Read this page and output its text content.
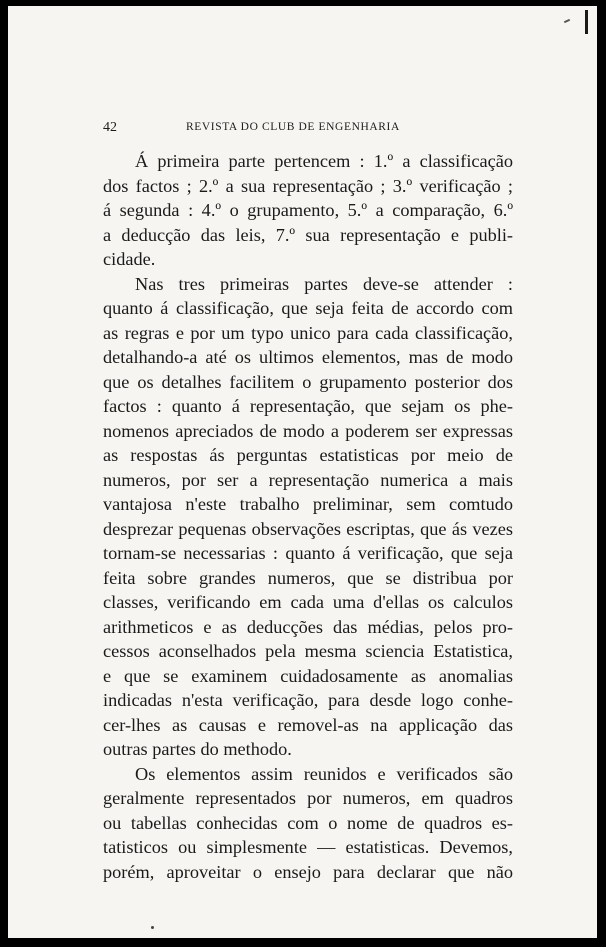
42	REVISTA DO CLUB DE ENGENHARIA
Á primeira parte pertencem : 1.º a classificação
dos factos ; 2.º a sua representação ; 3.º verificação ;
á segunda : 4.º o grupamento, 5.º a comparação, 6.º
a deducção das leis, 7.º sua representação e publi-
cidade.
Nas tres primeiras partes deve-se attender :
quanto á classificação, que seja feita de accordo com
as regras e por um typo unico para cada classificação,
detalhando-a até os ultimos elementos, mas de modo
que os detalhes facilitem o grupamento posterior dos
factos : quanto á representação, que sejam os phe-
nomenos apreciados de modo a poderem ser expressas
as respostas ás perguntas estatisticas por meio de
numeros, por ser a representação numerica a mais
vantajosa n'este trabalho preliminar, sem comtudo
desprezar pequenas observações escriptas, que ás vezes
tornam-se necessarias : quanto á verificação, que seja
feita sobre grandes numeros, que se distribua por
classes, verificando em cada uma d'ellas os calculos
arithmeticos e as deducções das médias, pelos pro-
cessos aconselhados pela mesma sciencia Estatistica,
e que se examinem cuidadosamente as anomalias
indicadas n'esta verificação, para desde logo conhe-
cer-lhes as causas e removel-as na applicação das
outras partes do methodo.
Os elementos assim reunidos e verificados são
geralmente representados por numeros, em quadros
ou tabellas conhecidas com o nome de quadros es-
tatisticos ou simplesmente — estatisticas. Devemos,
porém, aproveitar o ensejo para declarar que não
